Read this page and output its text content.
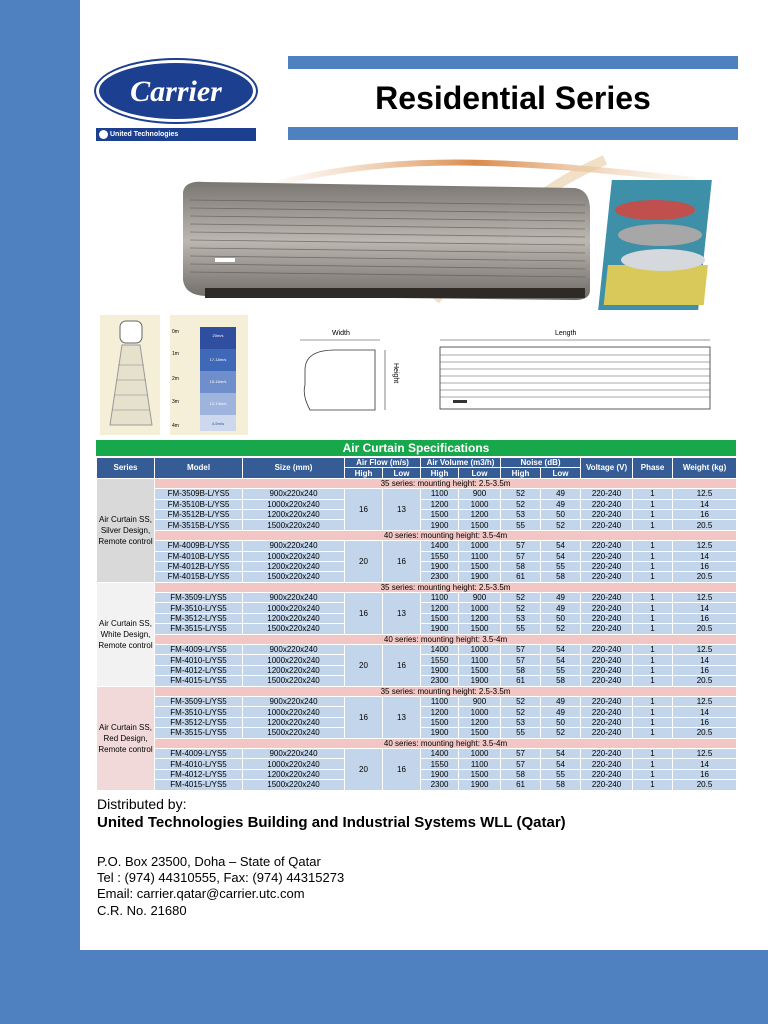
Carrier
United Technologies
Residential Series
0m
1m
2m
3m
4m
20m/s
17-18m/s
15-16m/s
12-13m/s
4-5m/s
Width
Height
Length
Air Curtain Specifications
Series	Model	Size (mm)	Air Flow (m/s)		Air Volume (m3/h)		Noise (dB)		Voltage (V)	Phase	Weight (kg)
			High	Low	High	Low	High	Low			
Air Curtain SS, Silver Design, Remote control	35 series: mounting height: 2.5-3.5m										
	FM-3509B-L/YS5	900x220x240	16	13	1100	900	52	49	220-240	1	12.5
	FM-3510B-L/YS5	1000x220x240			1200	1000	52	49	220-240	1	14
	FM-3512B-L/YS5	1200x220x240			1500	1200	53	50	220-240	1	16
	FM-3515B-L/YS5	1500x220x240			1900	1500	55	52	220-240	1	20.5
	40 series: mounting height: 3.5-4m										
	FM-4009B-L/YS5	900x220x240	20	16	1400	1000	57	54	220-240	1	12.5
	FM-4010B-L/YS5	1000x220x240			1550	1100	57	54	220-240	1	14
	FM-4012B-L/YS5	1200x220x240			1900	1500	58	55	220-240	1	16
	FM-4015B-L/YS5	1500x220x240			2300	1900	61	58	220-240	1	20.5
Air Curtain SS, White Design, Remote control	35 series: mounting height: 2.5-3.5m										
	FM-3509-L/YS5	900x220x240	16	13	1100	900	52	49	220-240	1	12.5
	FM-3510-L/YS5	1000x220x240			1200	1000	52	49	220-240	1	14
	FM-3512-L/YS5	1200x220x240			1500	1200	53	50	220-240	1	16
	FM-3515-L/YS5	1500x220x240			1900	1500	55	52	220-240	1	20.5
	40 series: mounting height: 3.5-4m										
	FM-4009-L/YS5	900x220x240	20	16	1400	1000	57	54	220-240	1	12.5
	FM-4010-L/YS5	1000x220x240			1550	1100	57	54	220-240	1	14
	FM-4012-L/YS5	1200x220x240			1900	1500	58	55	220-240	1	16
	FM-4015-L/YS5	1500x220x240			2300	1900	61	58	220-240	1	20.5
Air Curtain SS, Red Design, Remote control	35 series: mounting height: 2.5-3.5m										
	FM-3509-L/YS5	900x220x240	16	13	1100	900	52	49	220-240	1	12.5
	FM-3510-L/YS5	1000x220x240			1200	1000	52	49	220-240	1	14
	FM-3512-L/YS5	1200x220x240			1500	1200	53	50	220-240	1	16
	FM-3515-L/YS5	1500x220x240			1900	1500	55	52	220-240	1	20.5
	40 series: mounting height: 3.5-4m										
	FM-4009-L/YS5	900x220x240	20	16	1400	1000	57	54	220-240	1	12.5
	FM-4010-L/YS5	1000x220x240			1550	1100	57	54	220-240	1	14
	FM-4012-L/YS5	1200x220x240			1900	1500	58	55	220-240	1	16
	FM-4015-L/YS5	1500x220x240			2300	1900	61	58	220-240	1	20.5
Distributed by:
United Technologies Building and Industrial Systems WLL (Qatar)
P.O. Box 23500, Doha – State of Qatar
Tel : (974) 44310555, Fax: (974) 44315273
Email: carrier.qatar@carrier.utc.com
C.R. No. 21680
